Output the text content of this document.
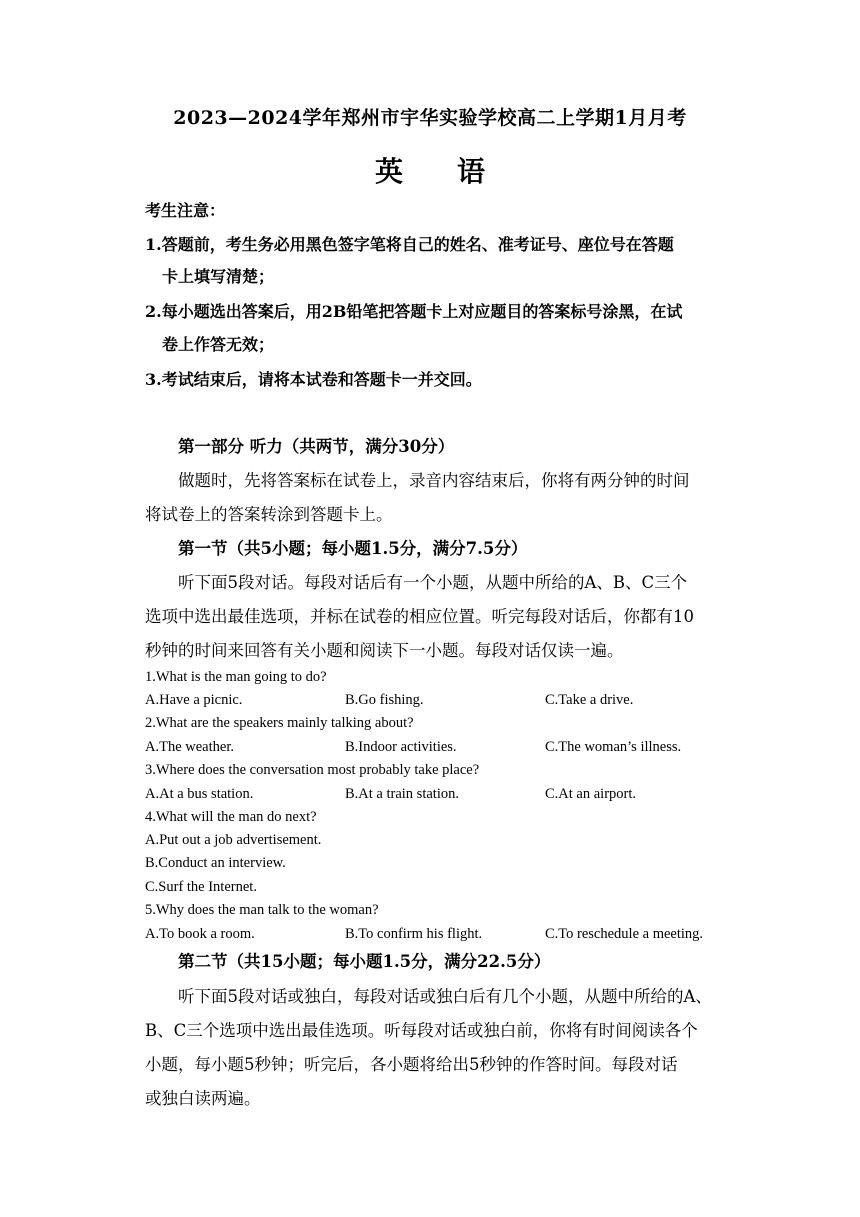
2023—2024学年郑州市宇华实验学校高二上学期1月月考
英 语
考生注意：
1.答题前，考生务必用黑色签字笔将自己的姓名、准考证号、座位号在答题
卡上填写清楚；
2.每小题选出答案后，用2B铅笔把答题卡上对应题目的答案标号涂黑，在试
卷上作答无效；
3.考试结束后，请将本试卷和答题卡一并交回。
第一部分 听力（共两节，满分30分）
做题时，先将答案标在试卷上，录音内容结束后，你将有两分钟的时间
将试卷上的答案转涂到答题卡上。
第一节（共5小题；每小题1.5分，满分7.5分）
听下面5段对话。每段对话后有一个小题，从题中所给的A、B、C三个
选项中选出最佳选项，并标在试卷的相应位置。听完每段对话后，你都有10
秒钟的时间来回答有关小题和阅读下一小题。每段对话仅读一遍。
1.What is the man going to do?
A.Have a picnic.	B.Go fishing.	C.Take a drive.
2.What are the speakers mainly talking about?
A.The weather.	B.Indoor activities.	C.The woman’s illness.
3.Where does the conversation most probably take place?
A.At a bus station.	B.At a train station.	C.At an airport.
4.What will the man do next?
A.Put out a job advertisement.
B.Conduct an interview.
C.Surf the Internet.
5.Why does the man talk to the woman?
A.To book a room.	B.To confirm his flight.	C.To reschedule a meeting.
第二节（共15小题；每小题1.5分，满分22.5分）
听下面5段对话或独白，每段对话或独白后有几个小题，从题中所给的A、
B、C三个选项中选出最佳选项。听每段对话或独白前，你将有时间阅读各个
小题，每小题5秒钟；听完后，各小题将给出5秒钟的作答时间。每段对话
或独白读两遍。
